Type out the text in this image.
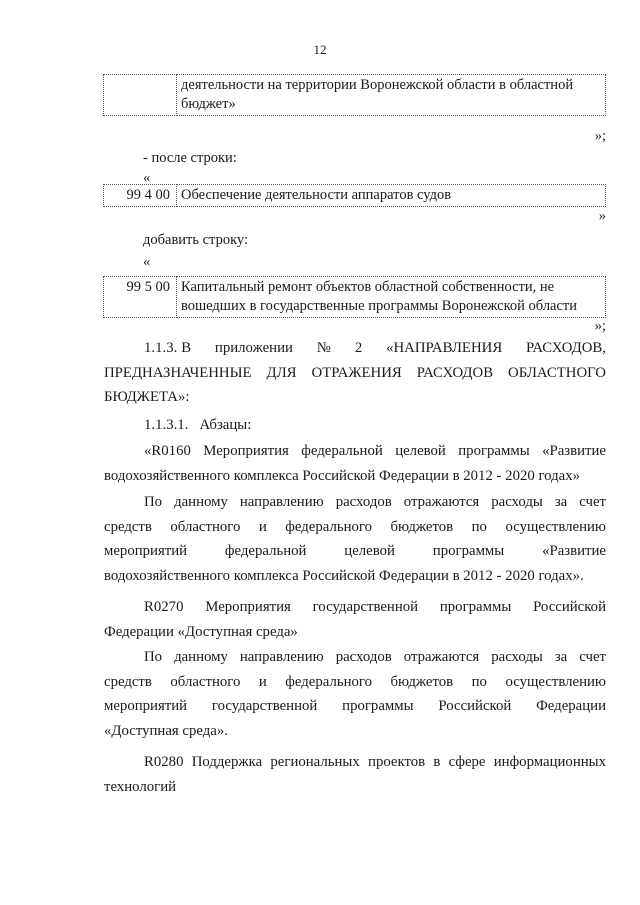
12

деятельности на территории Воронежской области в областной
бюджет»
»;
- после строки:
«
99 4 00	Обеспечение деятельности аппаратов судов
»
добавить строку:
«
99 5 00	Капитальный ремонт объектов областной собственности, не
вошедших в государственные программы Воронежской области
»;
1.1.3. В      приложении      №      2      «НАПРАВЛЕНИЯ      РАСХОДОВ,
ПРЕДНАЗНАЧЕННЫЕ ДЛЯ ОТРАЖЕНИЯ РАСХОДОВ ОБЛАСТНОГО
БЮДЖЕТА»:
1.1.3.1.   Абзацы:
«R0160 Мероприятия федеральной целевой программы «Развитие
водохозяйственного комплекса Российской Федерации в 2012 - 2020 годах»
По данному направлению расходов отражаются расходы за счет
средств областного и федерального бюджетов по осуществлению
мероприятий федеральной целевой программы «Развитие
водохозяйственного комплекса Российской Федерации в 2012 - 2020 годах».
R0270 Мероприятия государственной программы Российской
Федерации «Доступная среда»
По данному направлению расходов отражаются расходы за счет
средств областного и федерального бюджетов по осуществлению
мероприятий государственной программы Российской Федерации
«Доступная среда».
R0280 Поддержка региональных проектов в сфере информационных
технологий
